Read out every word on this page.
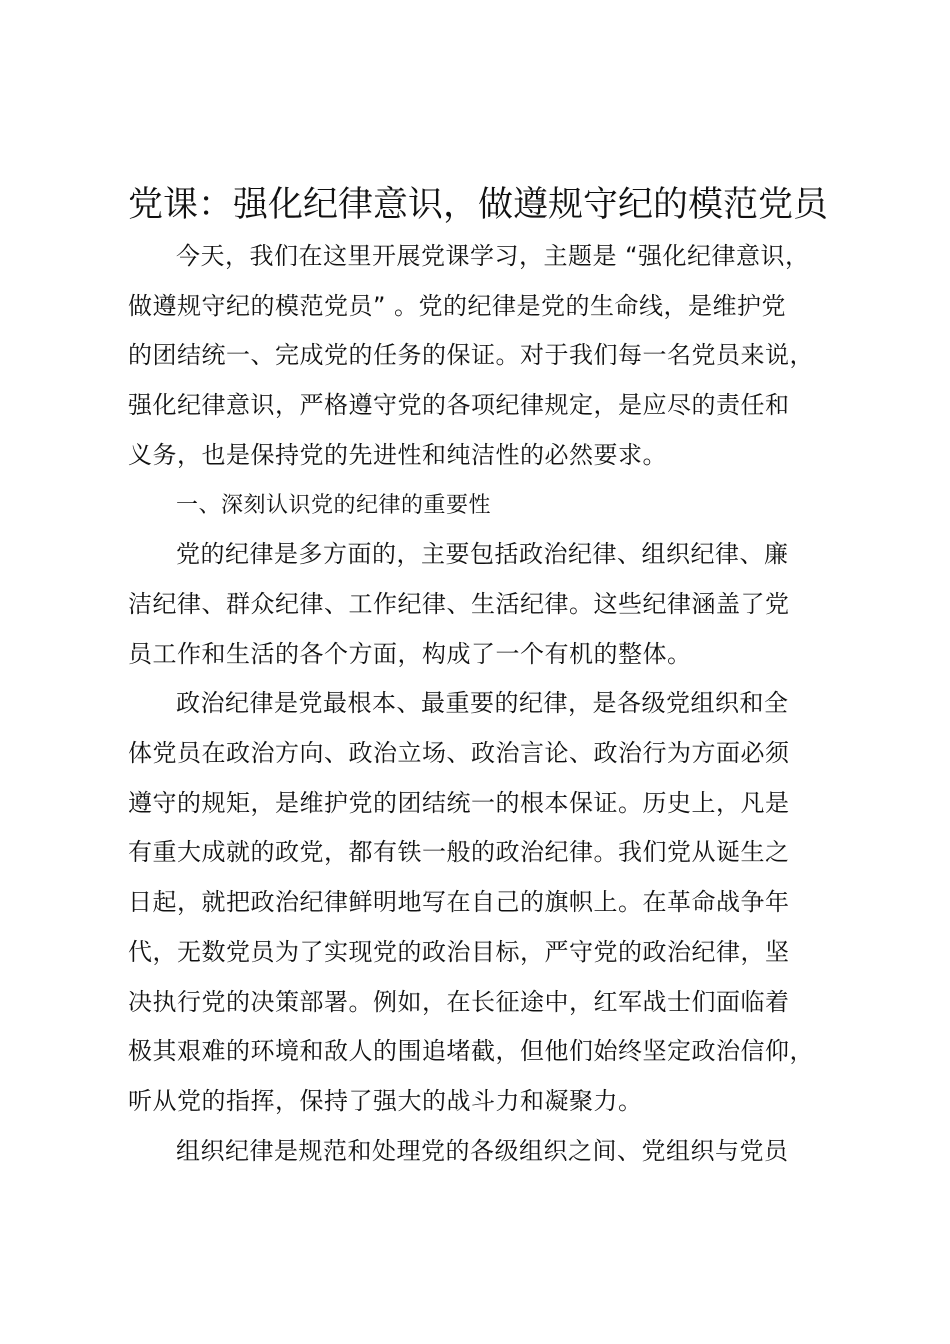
党课：强化纪律意识，做遵规守纪的模范党员

今天，我们在这里开展党课学习，主题是 “强化纪律意识，
做遵规守纪的模范党员” 。党的纪律是党的生命线，是维护党
的团结统一、完成党的任务的保证。对于我们每一名党员来说，
强化纪律意识，严格遵守党的各项纪律规定，是应尽的责任和
义务，也是保持党的先进性和纯洁性的必然要求。

一、深刻认识党的纪律的重要性

党的纪律是多方面的，主要包括政治纪律、组织纪律、廉
洁纪律、群众纪律、工作纪律、生活纪律。这些纪律涵盖了党
员工作和生活的各个方面，构成了一个有机的整体。

政治纪律是党最根本、最重要的纪律，是各级党组织和全
体党员在政治方向、政治立场、政治言论、政治行为方面必须
遵守的规矩，是维护党的团结统一的根本保证。历史上，凡是
有重大成就的政党，都有铁一般的政治纪律。我们党从诞生之
日起，就把政治纪律鲜明地写在自己的旗帜上。在革命战争年
代，无数党员为了实现党的政治目标，严守党的政治纪律，坚
决执行党的决策部署。例如，在长征途中，红军战士们面临着
极其艰难的环境和敌人的围追堵截，但他们始终坚定政治信仰，
听从党的指挥，保持了强大的战斗力和凝聚力。

组织纪律是规范和处理党的各级组织之间、党组织与党员
